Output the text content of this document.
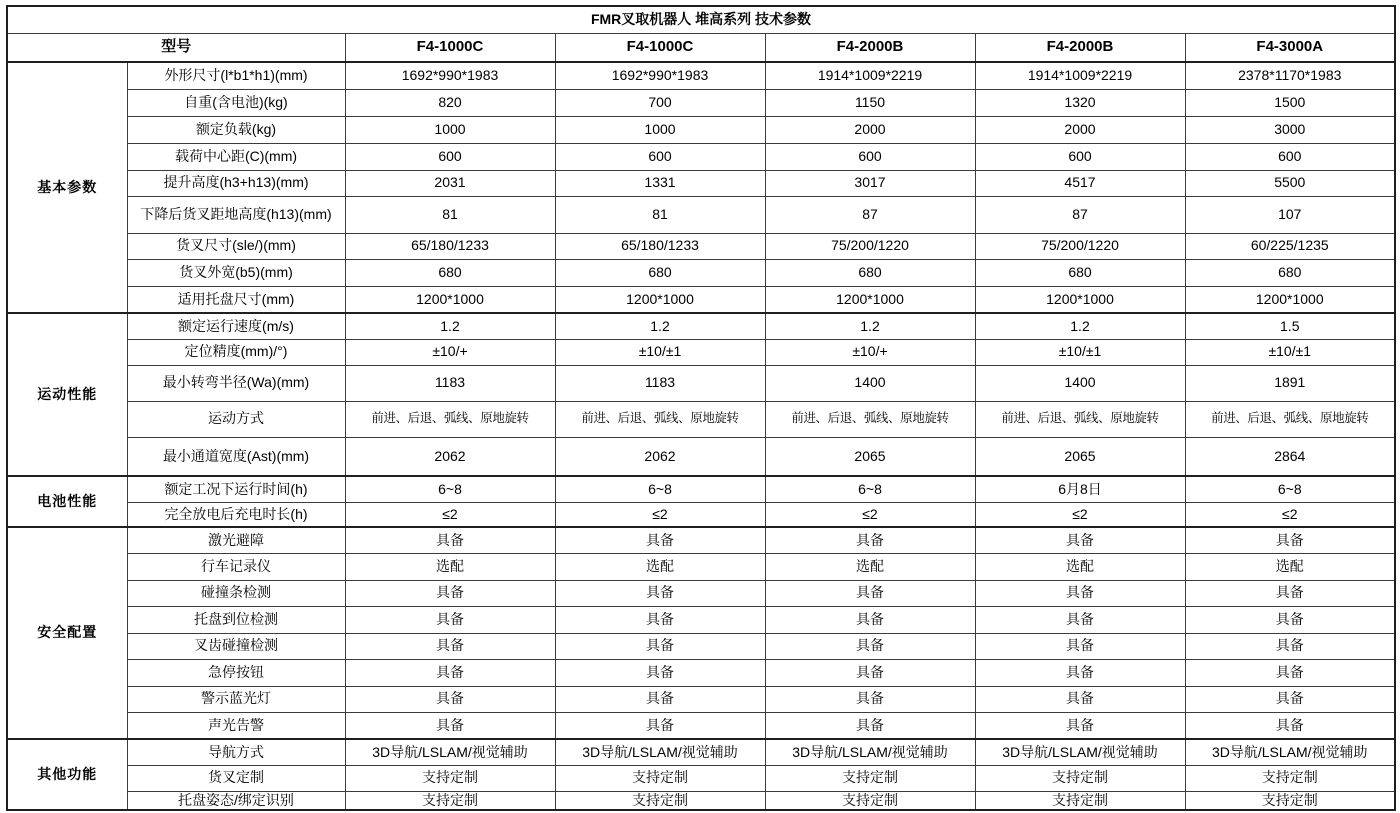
FMR叉取机器人 堆高系列 技术参数						
型号		F4-1000C	F4-1000C	F4-2000B	F4-2000B	F4-3000A
基本参数	外形尺寸(l*b1*h1)(mm)	1692*990*1983	1692*990*1983	1914*1009*2219	1914*1009*2219	2378*1170*1983
	自重(含电池)(kg)	820	700	1150	1320	1500
	额定负载(kg)	1000	1000	2000	2000	3000
	载荷中心距(C)(mm)	600	600	600	600	600
	提升高度(h3+h13)(mm)	2031	1331	3017	4517	5500
	下降后货叉距地高度(h13)(mm)	81	81	87	87	107
	货叉尺寸(sle/)(mm)	65/180/1233	65/180/1233	75/200/1220	75/200/1220	60/225/1235
	货叉外宽(b5)(mm)	680	680	680	680	680
	适用托盘尺寸(mm)	1200*1000	1200*1000	1200*1000	1200*1000	1200*1000
运动性能	额定运行速度(m/s)	1.2	1.2	1.2	1.2	1.5
	定位精度(mm)/°)	±10/+	±10/±1	±10/+	±10/±1	±10/±1
	最小转弯半径(Wa)(mm)	1183	1183	1400	1400	1891
	运动方式	前进、后退、弧线、原地旋转	前进、后退、弧线、原地旋转	前进、后退、弧线、原地旋转	前进、后退、弧线、原地旋转	前进、后退、弧线、原地旋转
	最小通道宽度(Ast)(mm)	2062	2062	2065	2065	2864
电池性能	额定工况下运行时间(h)	6~8	6~8	6~8	6月8日	6~8
	完全放电后充电时长(h)	≤2	≤2	≤2	≤2	≤2
安全配置	激光避障	具备	具备	具备	具备	具备
	行车记录仪	选配	选配	选配	选配	选配
	碰撞条检测	具备	具备	具备	具备	具备
	托盘到位检测	具备	具备	具备	具备	具备
	叉齿碰撞检测	具备	具备	具备	具备	具备
	急停按钮	具备	具备	具备	具备	具备
	警示蓝光灯	具备	具备	具备	具备	具备
	声光告警	具备	具备	具备	具备	具备
其他功能	导航方式	3D导航/LSLAM/视觉辅助	3D导航/LSLAM/视觉辅助	3D导航/LSLAM/视觉辅助	3D导航/LSLAM/视觉辅助	3D导航/LSLAM/视觉辅助
	货叉定制	支持定制	支持定制	支持定制	支持定制	支持定制
	托盘姿态/绑定识别	支持定制	支持定制	支持定制	支持定制	支持定制
